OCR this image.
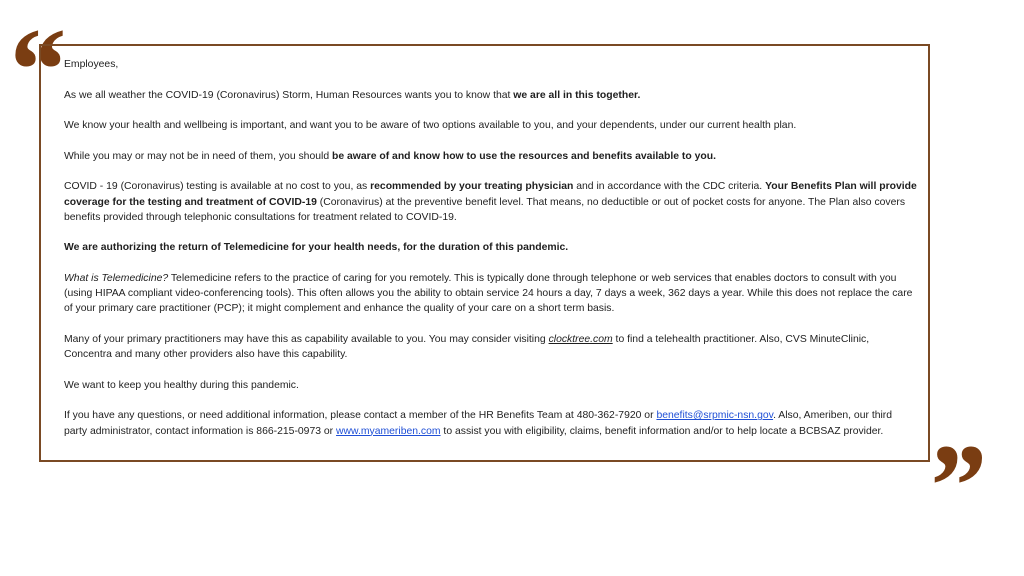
“
”

Employees,

As we all weather the COVID-19 (Coronavirus) Storm, Human Resources wants you to know that we are all in this together.

We know your health and wellbeing is important, and want you to be aware of two options available to you, and your dependents, under our current health plan.

While you may or may not be in need of them, you should be aware of and know how to use the resources and benefits available to you.

COVID - 19 (Coronavirus) testing is available at no cost to you, as recommended by your treating physician and in accordance with the CDC criteria. Your Benefits Plan will provide coverage for the testing and treatment of COVID-19 (Coronavirus) at the preventive benefit level. That means, no deductible or out of pocket costs for anyone. The Plan also covers benefits provided through telephonic consultations for treatment related to COVID-19.

We are authorizing the return of Telemedicine for your health needs, for the duration of this pandemic.

What is Telemedicine? Telemedicine refers to the practice of caring for you remotely. This is typically done through telephone or web services that enables doctors to consult with you (using HIPAA compliant video-conferencing tools). This often allows you the ability to obtain service 24 hours a day, 7 days a week, 362 days a year. While this does not replace the care of your primary care practitioner (PCP); it might complement and enhance the quality of your care on a short term basis.

Many of your primary practitioners may have this as capability available to you. You may consider visiting clocktree.com to find a telehealth practitioner. Also, CVS MinuteClinic, Concentra and many other providers also have this capability.

We want to keep you healthy during this pandemic.

If you have any questions, or need additional information, please contact a member of the HR Benefits Team at 480-362-7920 or benefits@srpmic-nsn.gov. Also, Ameriben, our third party administrator, contact information is 866-215-0973 or www.myameriben.com to assist you with eligibility, claims, benefit information and/or to help locate a BCBSAZ provider.
